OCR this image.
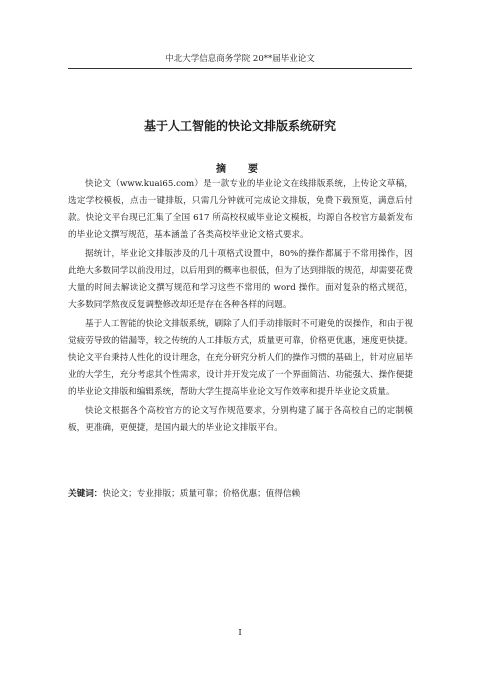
中北大学信息商务学院 20**届毕业论文
基于人工智能的快论文排版系统研究
摘　要

快论文（www.kuai65.com）是一款专业的毕业论文在线排版系统，上传论文草稿，选定学校模板，点击一键排版，只需几分钟就可完成论文排版，免费下载预览，满意后付款。快论文平台现已汇集了全国 617 所高校权威毕业论文模板，均源自各校官方最新发布的毕业论文撰写规范，基本涵盖了各类高校毕业论文格式要求。

据统计，毕业论文排版涉及的几十项格式设置中，80%的操作都属于不常用操作，因此绝大多数同学以前没用过，以后用到的概率也很低，但为了达到排版的规范，却需要花费大量的时间去解读论文撰写规范和学习这些不常用的 word 操作。面对复杂的格式规范，大多数同学熬夜反复调整修改却还是存在各种各样的问题。

基于人工智能的快论文排版系统，刷除了人们手动排版时不可避免的误操作，和由于视觉疲劳导致的错漏等，较之传统的人工排版方式，质量更可靠，价格更优惠，速度更快捷。快论文平台秉持人性化的设计理念，在充分研究分析人们的操作习惯的基础上，针对应届毕业的大学生，充分考虑其个性需求，设计并开发完成了一个界面简洁、功能强大、操作便捷的毕业论文排版和编辑系统，帮助大学生提高毕业论文写作效率和提升毕业论文质量。

快论文根据各个高校官方的论文写作规范要求，分别构建了属于各高校自己的定制模板，更准确，更便捷，是国内最大的毕业论文排版平台。

关键词：快论文；专业排版；质量可靠；价格优惠；值得信赖
I
